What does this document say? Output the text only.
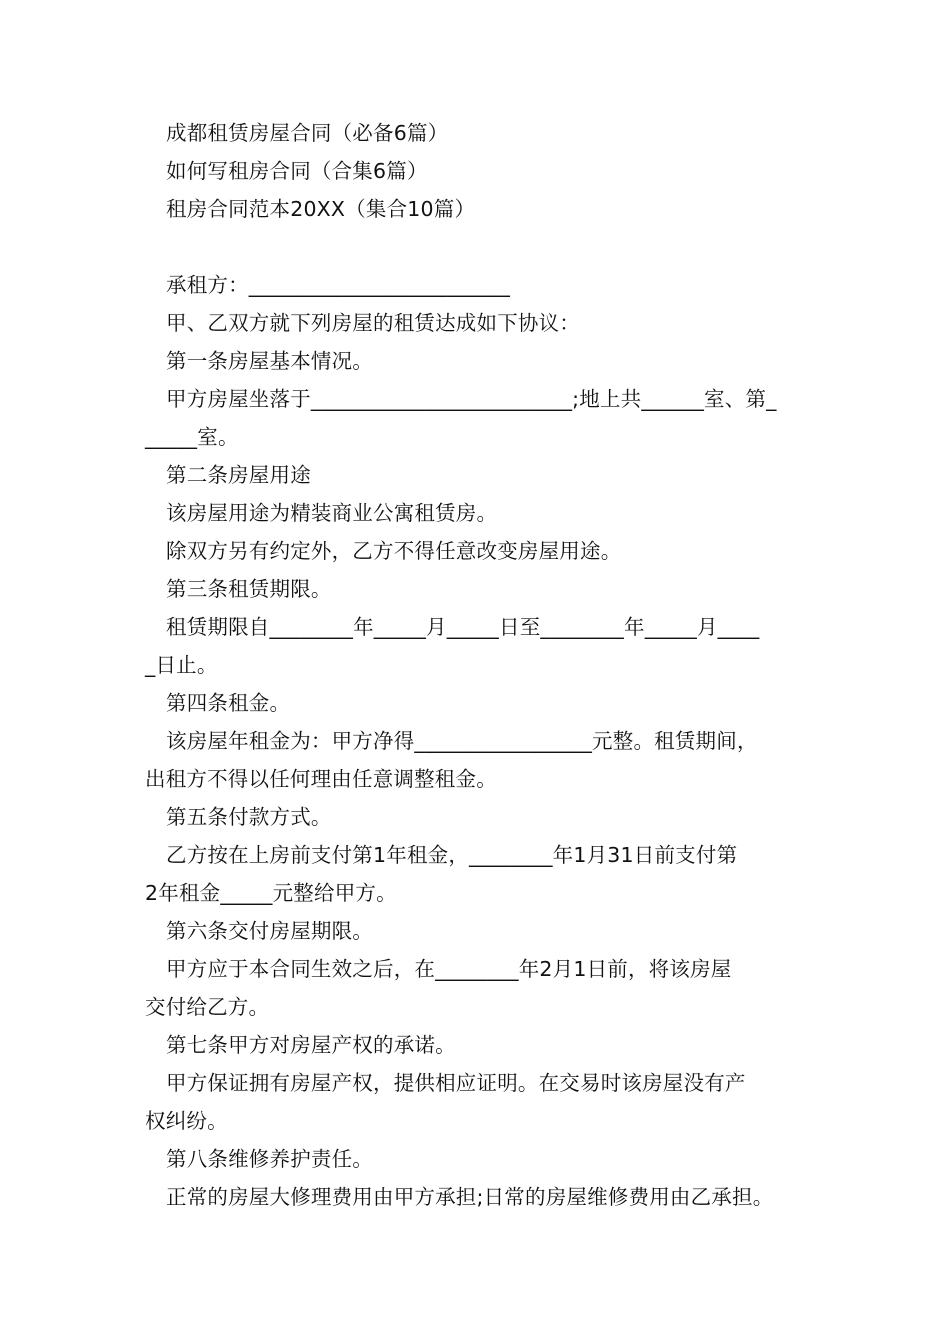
成都租赁房屋合同（必备6篇）
如何写租房合同（合集6篇）
租房合同范本20XX（集合10篇）
承租方：_________________________
甲、乙双方就下列房屋的租赁达成如下协议：
第一条房屋基本情况。
甲方房屋坐落于_________________________;地上共______室、第_
_____室。
第二条房屋用途
该房屋用途为精装商业公寓租赁房。
除双方另有约定外，乙方不得任意改变房屋用途。
第三条租赁期限。
租赁期限自________年_____月_____日至________年_____月____
_日止。
第四条租金。
该房屋年租金为：甲方净得_________________元整。租赁期间，
出租方不得以任何理由任意调整租金。
第五条付款方式。
乙方按在上房前支付第1年租金，________年1月31日前支付第
2年租金_____元整给甲方。
第六条交付房屋期限。
甲方应于本合同生效之后，在________年2月1日前，将该房屋
交付给乙方。
第七条甲方对房屋产权的承诺。
甲方保证拥有房屋产权，提供相应证明。在交易时该房屋没有产
权纠纷。
第八条维修养护责任。
正常的房屋大修理费用由甲方承担;日常的房屋维修费用由乙承担。
